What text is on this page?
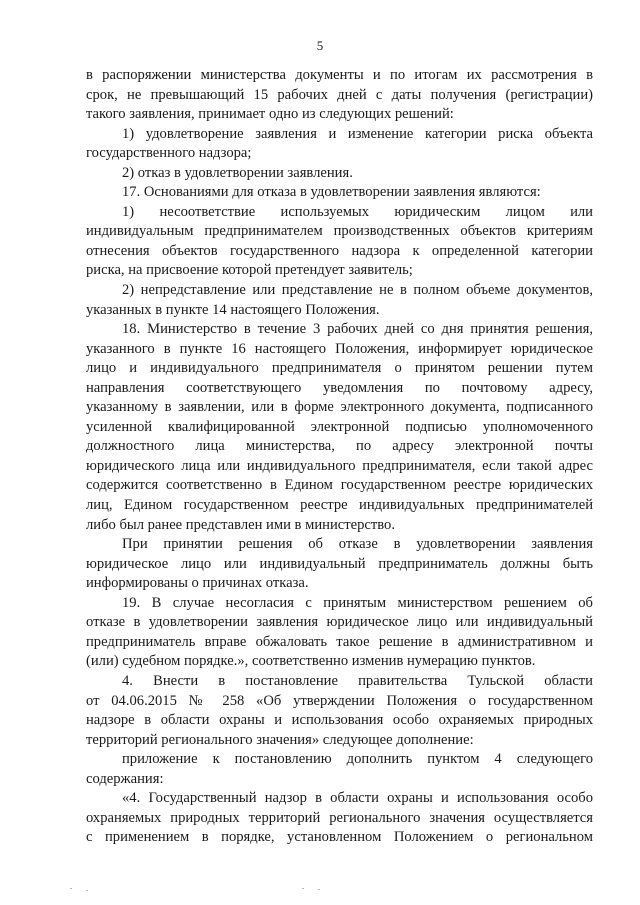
5
в распоряжении министерства документы и по итогам их рассмотрения в
срок, не превышающий 15 рабочих дней с даты получения (регистрации)
такого заявления, принимает одно из следующих решений:
1) удовлетворение заявления и изменение категории риска объекта
государственного надзора;
2) отказ в удовлетворении заявления.
17. Основаниями для отказа в удовлетворении заявления являются:
1) несоответствие используемых юридическим лицом или
индивидуальным предпринимателем производственных объектов критериям
отнесения объектов государственного надзора к определенной категории
риска, на присвоение которой претендует заявитель;
2) непредставление или представление не в полном объеме документов,
указанных в пункте 14 настоящего Положения.
18. Министерство в течение 3 рабочих дней со дня принятия решения,
указанного в пункте 16 настоящего Положения, информирует юридическое
лицо и индивидуального предпринимателя о принятом решении путем
направления соответствующего уведомления по почтовому адресу,
указанному в заявлении, или в форме электронного документа, подписанного
усиленной квалифицированной электронной подписью уполномоченного
должностного лица министерства, по адресу электронной почты
юридического лица или индивидуального предпринимателя, если такой адрес
содержится соответственно в Едином государственном реестре юридических
лиц, Едином государственном реестре индивидуальных предпринимателей
либо был ранее представлен ими в министерство.
При принятии решения об отказе в удовлетворении заявления
юридическое лицо или индивидуальный предприниматель должны быть
информированы о причинах отказа.
19. В случае несогласия с принятым министерством решением об
отказе в удовлетворении заявления юридическое лицо или индивидуальный
предприниматель вправе обжаловать такое решение в административном и
(или) судебном порядке.», соответственно изменив нумерацию пунктов.
4. Внести в постановление правительства Тульской области
от 04.06.2015 № 258 «Об утверждении Положения о государственном
надзоре в области охраны и использования особо охраняемых природных
территорий регионального значения» следующее дополнение:
приложение к постановлению дополнить пунктом 4 следующего
содержания:
«4. Государственный надзор в области охраны и использования особо
охраняемых природных территорий регионального значения осуществляется
с применением в порядке, установленном Положением о региональном
